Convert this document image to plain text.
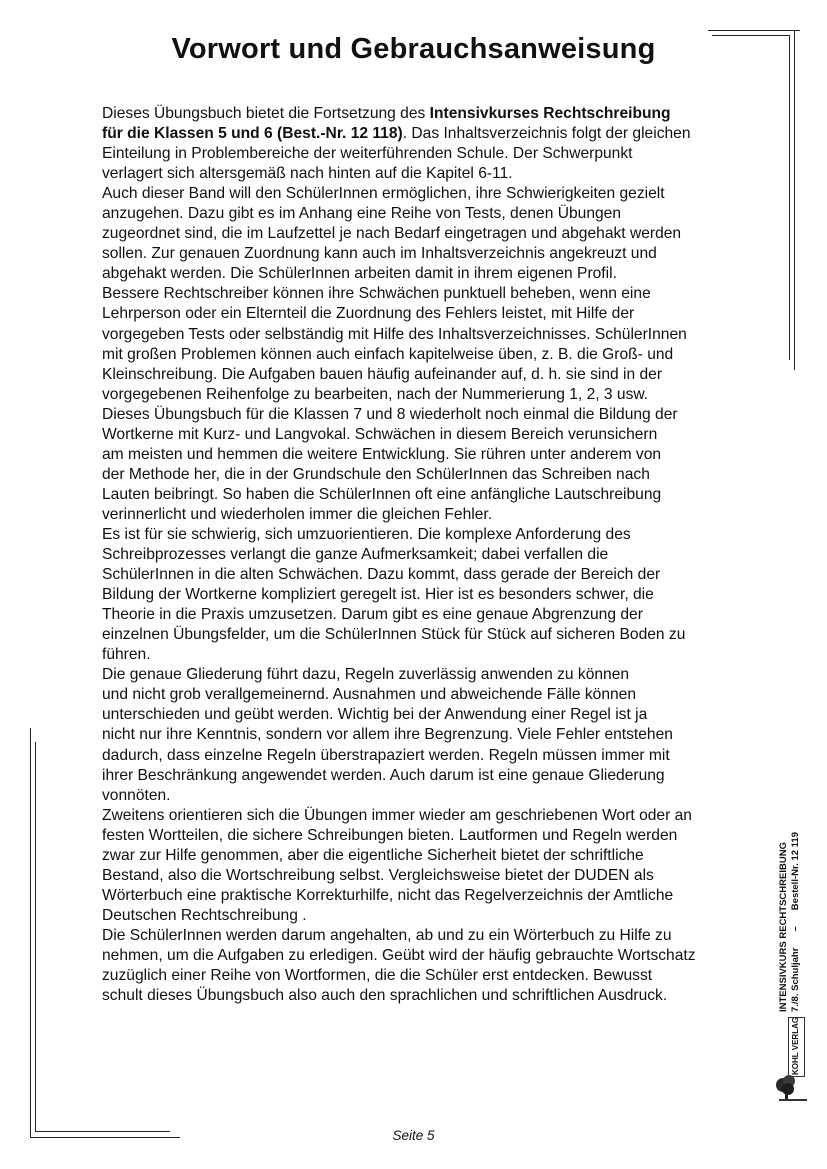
Vorwort und Gebrauchsanweisung
Dieses Übungsbuch bietet die Fortsetzung des Intensivkurses Rechtschreibung
für die Klassen 5 und 6 (Best.-Nr. 12 118). Das Inhaltsverzeichnis folgt der gleichen
Einteilung in Problembereiche der weiterführenden Schule. Der Schwerpunkt
verlagert sich altersgemäß nach hinten auf die Kapitel 6-11.
Auch dieser Band will den SchülerInnen ermöglichen, ihre Schwierigkeiten gezielt
anzugehen. Dazu gibt es im Anhang eine Reihe von Tests, denen Übungen
zugeordnet sind, die im Laufzettel je nach Bedarf eingetragen und abgehakt werden
sollen. Zur genauen Zuordnung kann auch im Inhaltsverzeichnis angekreuzt und
abgehakt werden. Die SchülerInnen arbeiten damit in ihrem eigenen Profil.
Bessere Rechtschreiber können ihre Schwächen punktuell beheben, wenn eine
Lehrperson oder ein Elternteil die Zuordnung des Fehlers leistet, mit Hilfe der
vorgegeben Tests oder selbständig mit Hilfe des Inhaltsverzeichnisses. SchülerInnen
mit großen Problemen können auch einfach kapitelweise üben, z. B. die Groß- und
Kleinschreibung. Die Aufgaben bauen häufig aufeinander auf, d. h. sie sind in der
vorgegebenen Reihenfolge zu bearbeiten, nach der Nummerierung 1, 2, 3 usw.
Dieses Übungsbuch für die Klassen 7 und 8 wiederholt noch einmal die Bildung der
Wortkerne mit Kurz- und Langvokal. Schwächen in diesem Bereich verunsichern
am meisten und hemmen die weitere Entwicklung. Sie rühren unter anderem von
der Methode her, die in der Grundschule den SchülerInnen das Schreiben nach
Lauten beibringt. So haben die SchülerInnen oft eine anfängliche Lautschreibung
verinnerlicht und wiederholen immer die gleichen Fehler.
Es ist für sie schwierig, sich umzuorientieren. Die komplexe Anforderung des
Schreibprozesses verlangt die ganze Aufmerksamkeit; dabei verfallen die
SchülerInnen in die alten Schwächen. Dazu kommt, dass gerade der Bereich der
Bildung der Wortkerne kompliziert geregelt ist. Hier ist es besonders schwer, die
Theorie in die Praxis umzusetzen. Darum gibt es eine genaue Abgrenzung der
einzelnen Übungsfelder, um die SchülerInnen Stück für Stück auf sicheren Boden zu
führen.
Die genaue Gliederung führt dazu, Regeln zuverlässig anwenden zu können
und nicht grob verallgemeinernd. Ausnahmen und abweichende Fälle können
unterschieden und geübt werden. Wichtig bei der Anwendung einer Regel ist ja
nicht nur ihre Kenntnis, sondern vor allem ihre Begrenzung. Viele Fehler entstehen
dadurch, dass einzelne Regeln überstrapaziert werden. Regeln müssen immer mit
ihrer Beschränkung angewendet werden. Auch darum ist eine genaue Gliederung
vonnöten.
Zweitens orientieren sich die Übungen immer wieder am geschriebenen Wort oder an
festen Wortteilen, die sichere Schreibungen bieten. Lautformen und Regeln werden
zwar zur Hilfe genommen, aber die eigentliche Sicherheit bietet der schriftliche
Bestand, also die Wortschreibung selbst. Vergleichsweise bietet der DUDEN als
Wörterbuch eine praktische Korrekturhilfe, nicht das Regelverzeichnis der Amtliche
Deutschen Rechtschreibung .
Die SchülerInnen werden darum angehalten, ab und zu ein Wörterbuch zu Hilfe zu
nehmen, um die Aufgaben zu erledigen. Geübt wird der häufig gebrauchte Wortschatz
zuzüglich einer Reihe von Wortformen, die die Schüler erst entdecken. Bewusst
schult dieses Übungsbuch also auch den sprachlichen und schriftlichen Ausdruck.	INTENSIVKURS RECHTSCHREIBUNG 7./8. Schuljahr
–
Bestell-Nr. 12 119
KOHL VERLAG
Seite 5
